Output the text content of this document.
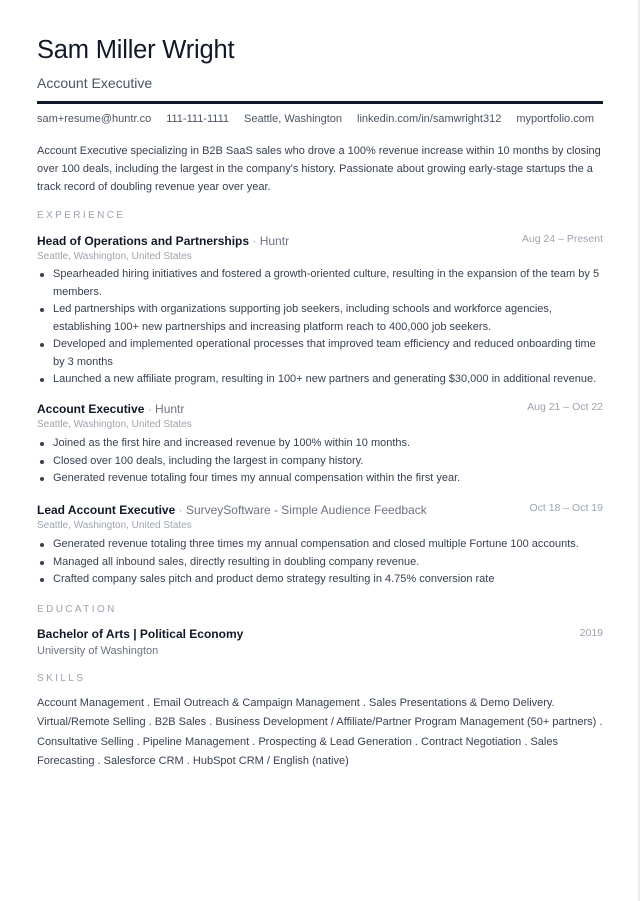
Sam Miller Wright
Account Executive
sam+resume@huntr.co 111-111-1111 Seattle, Washington linkedin.com/in/samwright312 myportfolio.com
Account Executive specializing in B2B SaaS sales who drove a 100% revenue increase within 10 months by closing over 100 deals, including the largest in the company's history. Passionate about growing early-stage startups the a track record of doubling revenue year over year.
EXPERIENCE
Head of Operations and Partnerships · Huntr	Aug 24 – Present
Seattle, Washington, United States
Spearheaded hiring initiatives and fostered a growth-oriented culture, resulting in the expansion of the team by 5 members.
Led partnerships with organizations supporting job seekers, including schools and workforce agencies, establishing 100+ new partnerships and increasing platform reach to 400,000 job seekers.
Developed and implemented operational processes that improved team efficiency and reduced onboarding time by 3 months
Launched a new affiliate program, resulting in 100+ new partners and generating $30,000 in additional revenue.
Account Executive · Huntr	Aug 21 – Oct 22
Seattle, Washington, United States
Joined as the first hire and increased revenue by 100% within 10 months.
Closed over 100 deals, including the largest in company history.
Generated revenue totaling four times my annual compensation within the first year.
Lead Account Executive · SurveySoftware - Simple Audience Feedback	Oct 18 – Oct 19
Seattle, Washington, United States
Generated revenue totaling three times my annual compensation and closed multiple Fortune 100 accounts.
Managed all inbound sales, directly resulting in doubling company revenue.
Crafted company sales pitch and product demo strategy resulting in 4.75% conversion rate
EDUCATION
Bachelor of Arts | Political Economy	2019
University of Washington
SKILLS
Account Management . Email Outreach & Campaign Management . Sales Presentations & Demo Delivery. Virtual/Remote Selling . B2B Sales . Business Development / Affiliate/Partner Program Management (50+ partners) . Consultative Selling . Pipeline Management . Prospecting & Lead Generation . Contract Negotiation . Sales Forecasting . Salesforce CRM . HubSpot CRM / English (native)
